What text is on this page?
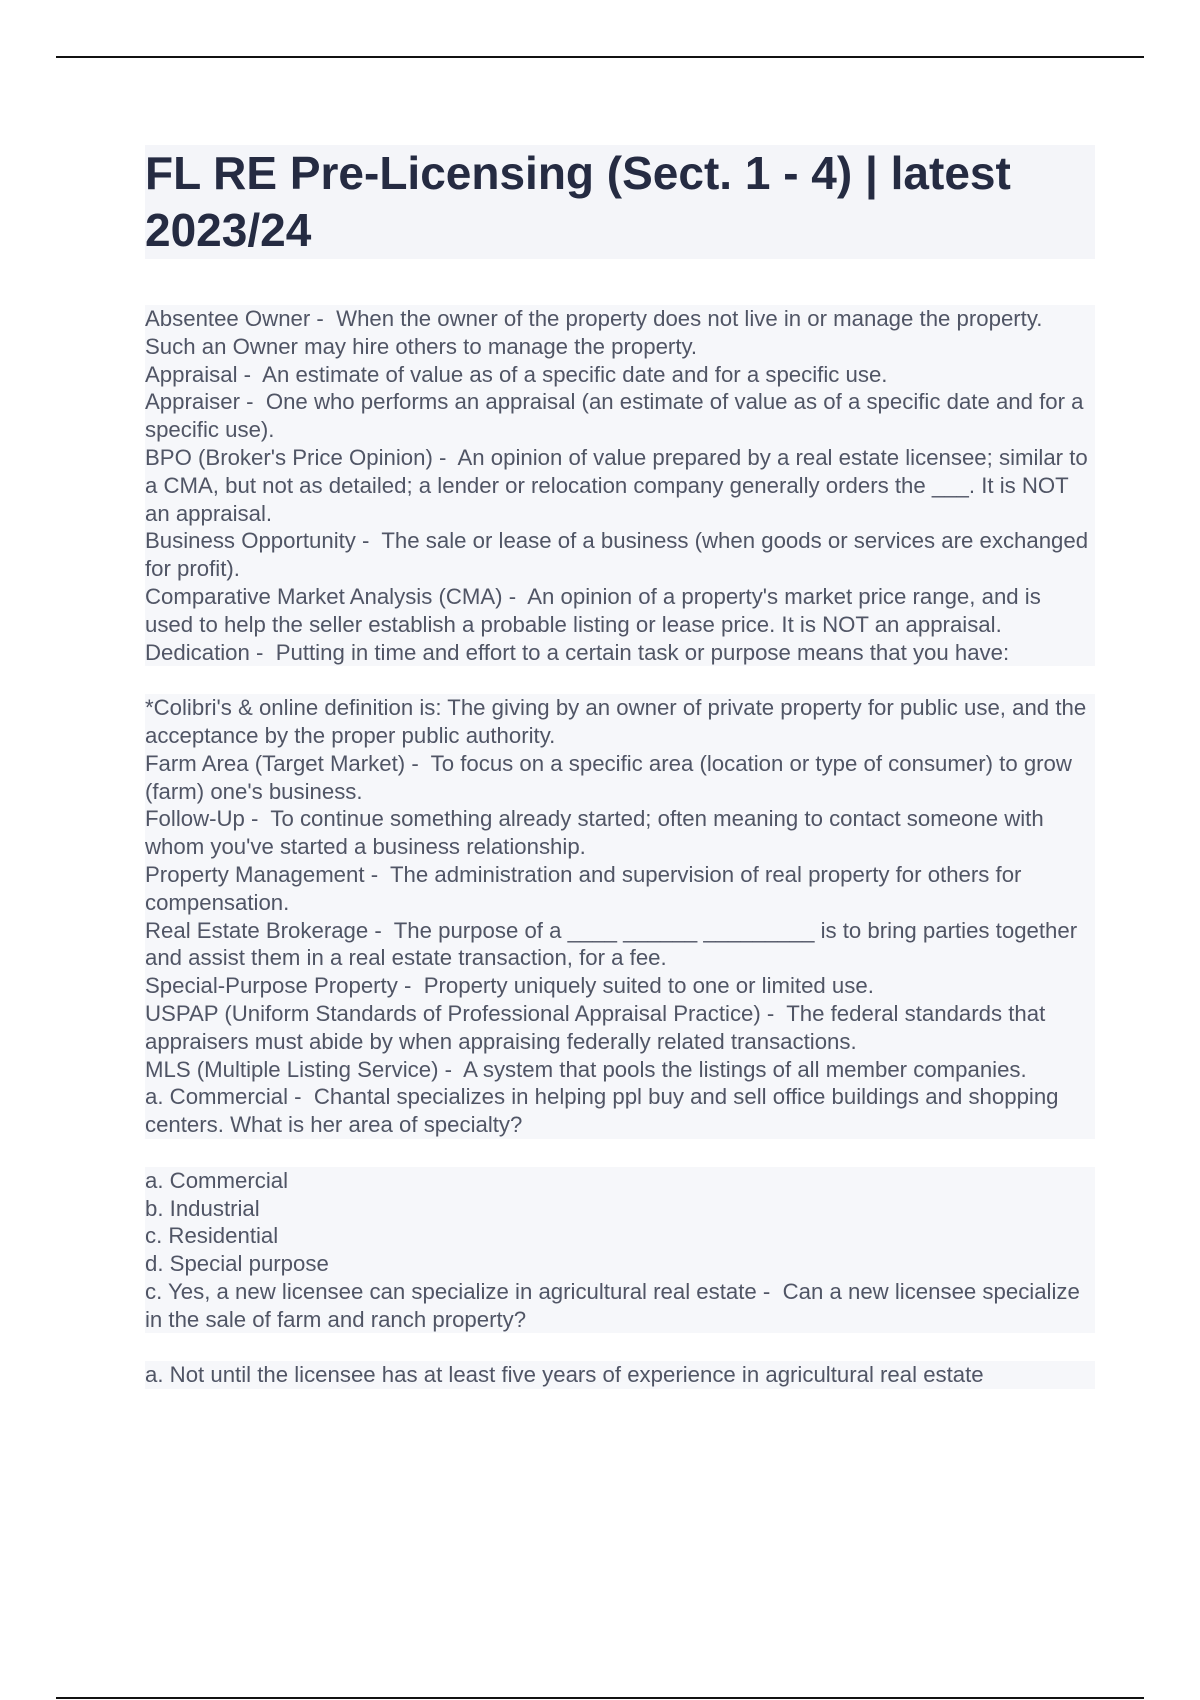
FL RE Pre-Licensing (Sect. 1 - 4) | latest 2023/24

Absentee Owner -  When the owner of the property does not live in or manage the property. Such an Owner may hire others to manage the property.

Appraisal -  An estimate of value as of a specific date and for a specific use.

Appraiser -  One who performs an appraisal (an estimate of value as of a specific date and for a specific use).

BPO (Broker's Price Opinion) -  An opinion of value prepared by a real estate licensee; similar to a CMA, but not as detailed; a lender or relocation company generally orders the ___. It is NOT an appraisal.

Business Opportunity -  The sale or lease of a business (when goods or services are exchanged for profit).

Comparative Market Analysis (CMA) -  An opinion of a property's market price range, and is used to help the seller establish a probable listing or lease price. It is NOT an appraisal.

Dedication -  Putting in time and effort to a certain task or purpose means that you have:

*Colibri's & online definition is: The giving by an owner of private property for public use, and the acceptance by the proper public authority.

Farm Area (Target Market) -  To focus on a specific area (location or type of consumer) to grow (farm) one's business.

Follow-Up -  To continue something already started; often meaning to contact someone with whom you've started a business relationship.

Property Management -  The administration and supervision of real property for others for compensation.

Real Estate Brokerage -  The purpose of a ____ ______ _________ is to bring parties together and assist them in a real estate transaction, for a fee.

Special-Purpose Property -  Property uniquely suited to one or limited use.

USPAP (Uniform Standards of Professional Appraisal Practice) -  The federal standards that appraisers must abide by when appraising federally related transactions.

MLS (Multiple Listing Service) -  A system that pools the listings of all member companies.

a. Commercial -  Chantal specializes in helping ppl buy and sell office buildings and shopping centers. What is her area of specialty?

a. Commercial

b. Industrial

c. Residential

d. Special purpose

c. Yes, a new licensee can specialize in agricultural real estate -  Can a new licensee specialize in the sale of farm and ranch property?

a. Not until the licensee has at least five years of experience in agricultural real estate
